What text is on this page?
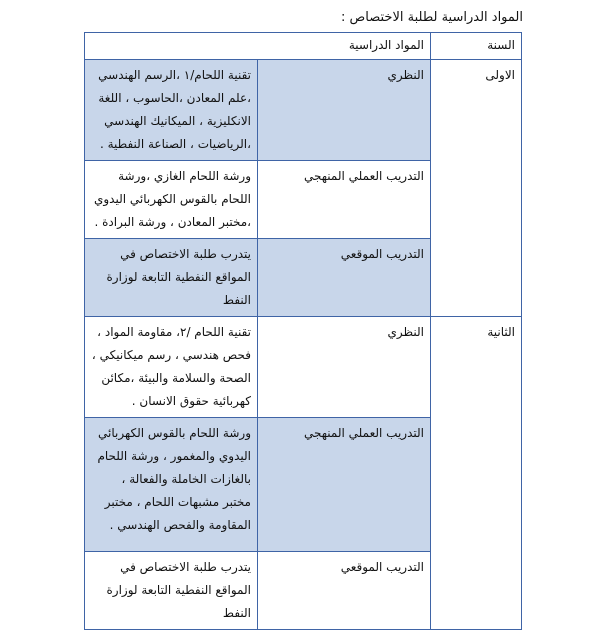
المواد الدراسية لطلبة الاختصاص :
السنة	المواد الدراسية	
الاولى	النظري	تقنية اللحام/١ ،الرسم الهندسي ،علم المعادن ،الحاسوب ، اللغة الانكليزية ، الميكانيك الهندسي ،الرياضيات ، الصناعة النفطية .
	التدريب العملي المنهجي	ورشة اللحام الغازي ،ورشة اللحام بالقوس الكهربائي اليدوي ،مختبر المعادن ، ورشة البرادة .
	التدريب الموقعي	يتدرب طلبة الاختصاص في المواقع النفطية التابعة لوزارة النفط
الثانية	النظري	تقنية اللحام /٢، مقاومة المواد ، فحص هندسي ، رسم ميكانيكي ، الصحة والسلامة والبيئة ،مكائن كهربائية حقوق الانسان .
	التدريب العملي المنهجي	ورشة اللحام بالقوس الكهربائي اليدوي والمغمور ، ورشة اللحام بالغازات الخاملة والفعالة ، مختبر مشبهات اللحام ، مختبر المقاومة والفحص الهندسي .
	التدريب الموقعي	يتدرب طلبة الاختصاص في المواقع النفطية التابعة لوزارة النفط
